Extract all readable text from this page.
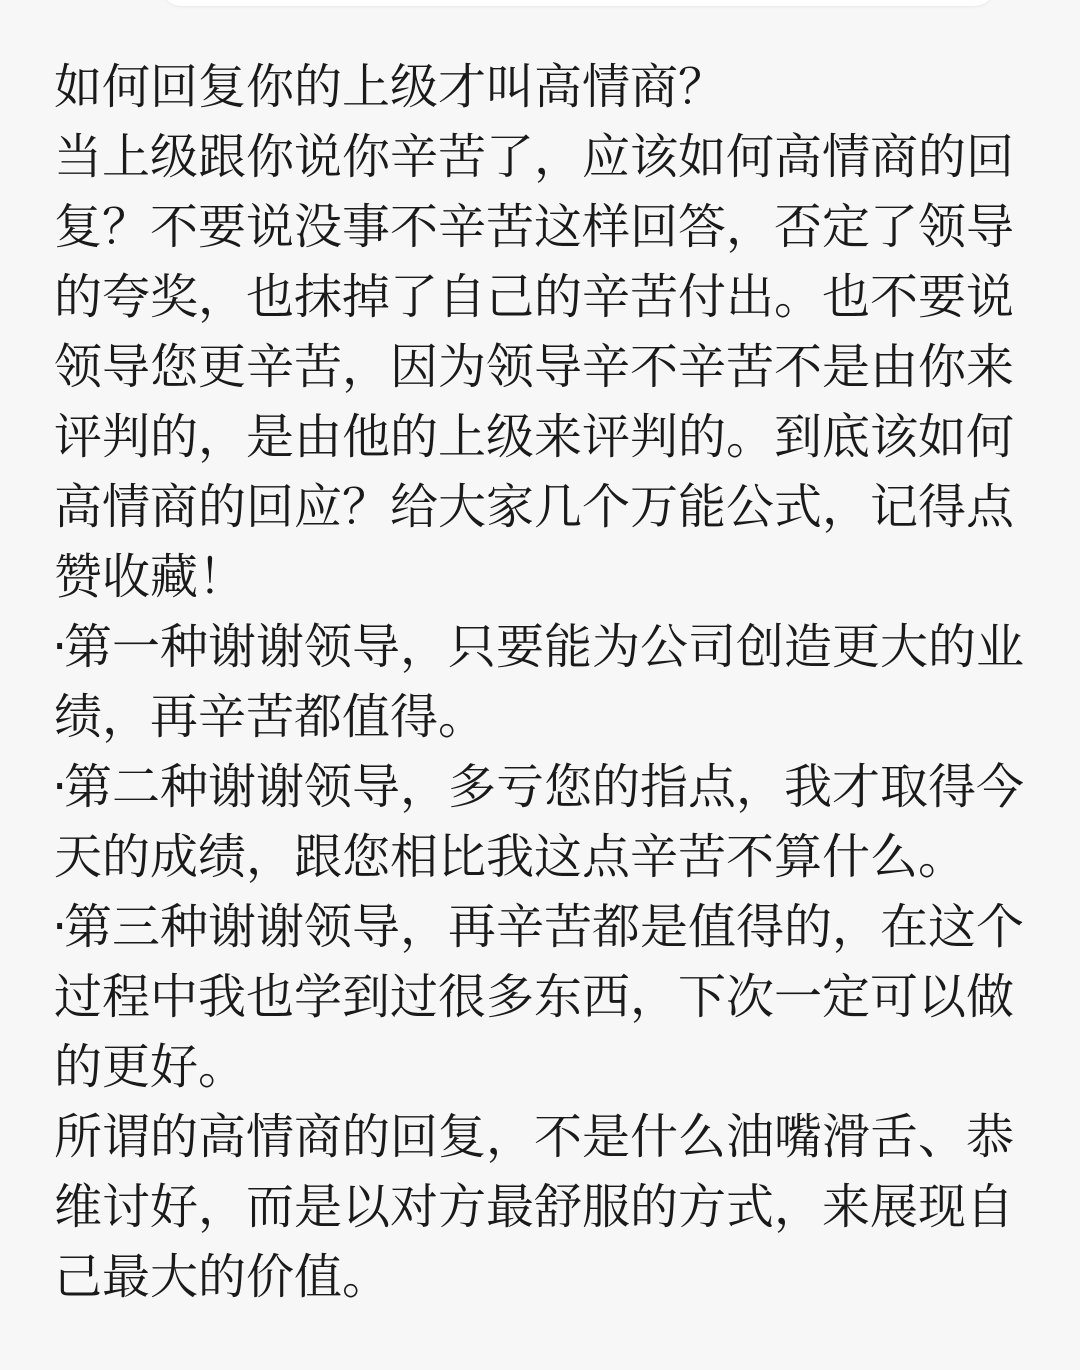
如何回复你的上级才叫高情商？

当上级跟你说你辛苦了，应该如何高情商的回复？不要说没事不辛苦这样回答，否定了领导的夸奖，也抹掉了自己的辛苦付出。也不要说领导您更辛苦，因为领导辛不辛苦不是由你来评判的，是由他的上级来评判的。到底该如何高情商的回应？给大家几个万能公式，记得点赞收藏！

·第一种谢谢领导，只要能为公司创造更大的业绩，再辛苦都值得。

·第二种谢谢领导，多亏您的指点，我才取得今天的成绩，跟您相比我这点辛苦不算什么。

·第三种谢谢领导，再辛苦都是值得的，在这个过程中我也学到过很多东西，下次一定可以做的更好。

所谓的高情商的回复，不是什么油嘴滑舌、恭维讨好，而是以对方最舒服的方式，来展现自己最大的价值。
